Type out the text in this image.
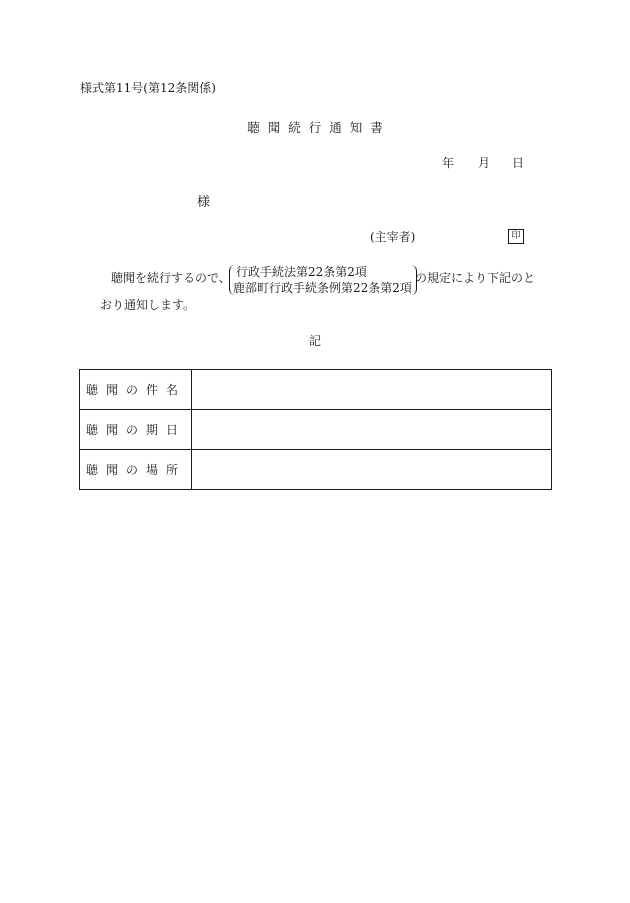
様式第11号(第12条関係)
聴聞続行通知書
年 月 日
様
(主宰者)	印
聴聞を続行するので、 行政手続法第22条第2項
鹿部町行政手続条例第22条第2項
の規定により下記のと
おり通知します。
記
聴聞の件名	
聴聞の期日	
聴聞の場所	
